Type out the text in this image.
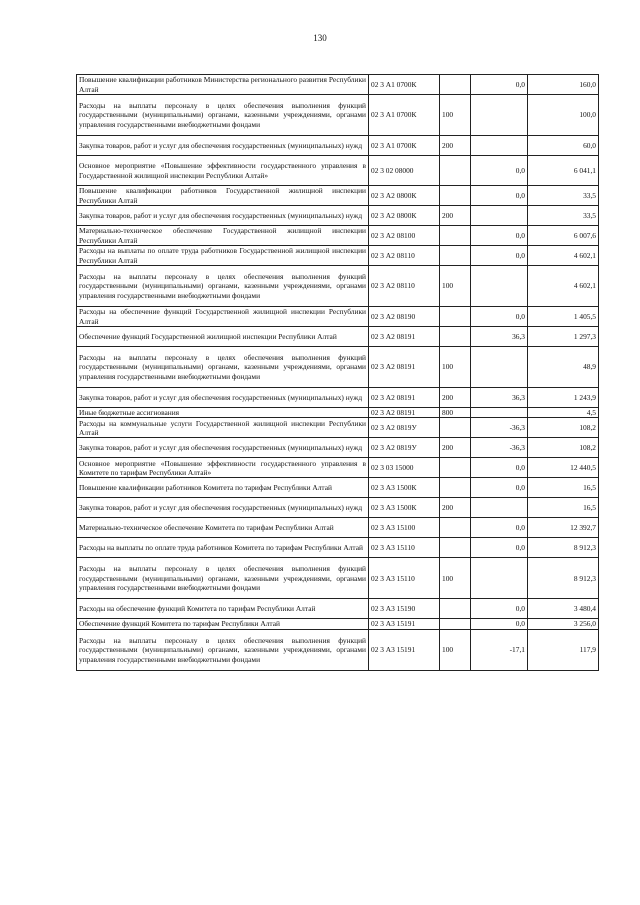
130
Повышение квалификации работников Министерства регионального развития Республики Алтай	02 3 А1 0700К		0,0	160,0
Расходы на выплаты персоналу в целях обеспечения выполнения функций государственными (муниципальными) органами, казенными учреждениями, органами управления государственными внебюджетными фондами	02 3 А1 0700К	100		100,0
Закупка товаров, работ и услуг для обеспечения государственных (муниципальных) нужд	02 3 А1 0700К	200		60,0
Основное мероприятие «Повышение эффективности государственного управления в Государственной жилищной инспекции Республики Алтай»	02 3 02 08000		0,0	6 041,1
Повышение квалификации работников Государственной жилищной инспекции Республики Алтай	02 3 А2 0800К		0,0	33,5
Закупка товаров, работ и услуг для обеспечения государственных (муниципальных) нужд	02 3 А2 0800К	200		33,5
Материально-техническое обеспечение Государственной жилищной инспекции Республики Алтай	02 3 А2 08100		0,0	6 007,6
Расходы на выплаты по оплате труда работников Государственной жилищной инспекции Республики Алтай	02 3 А2 08110		0,0	4 602,1
Расходы на выплаты персоналу в целях обеспечения выполнения функций государственными (муниципальными) органами, казенными учреждениями, органами управления государственными внебюджетными фондами	02 3 А2 08110	100		4 602,1
Расходы на обеспечение функций Государственной жилищной инспекции Республики Алтай	02 3 А2 08190		0,0	1 405,5
Обеспечение функций Государственной жилищной инспекции Республики Алтай	02 3 А2 08191		36,3	1 297,3
Расходы на выплаты персоналу в целях обеспечения выполнения функций государственными (муниципальными) органами, казенными учреждениями, органами управления государственными внебюджетными фондами	02 3 А2 08191	100		48,9
Закупка товаров, работ и услуг для обеспечения государственных (муниципальных) нужд	02 3 А2 08191	200	36,3	1 243,9
Иные бюджетные ассигнования	02 3 А2 08191	800		4,5
Расходы на коммунальные услуги Государственной жилищной инспекции Республики Алтай	02 3 А2 0819У		-36,3	108,2
Закупка товаров, работ и услуг для обеспечения государственных (муниципальных) нужд	02 3 А2 0819У	200	-36,3	108,2
Основное мероприятие «Повышение эффективности государственного управления в Комитете по тарифам Республики Алтай»	02 3 03 15000		0,0	12 440,5
Повышение квалификации работников Комитета по тарифам Республики Алтай	02 3 А3 1500К		0,0	16,5
Закупка товаров, работ и услуг для обеспечения государственных (муниципальных) нужд	02 3 А3 1500К	200		16,5
Материально-техническое обеспечение Комитета по тарифам Республики Алтай	02 3 А3 15100		0,0	12 392,7
Расходы на выплаты по оплате труда работников Комитета по тарифам Республики Алтай	02 3 А3 15110		0,0	8 912,3
Расходы на выплаты персоналу в целях обеспечения выполнения функций государственными (муниципальными) органами, казенными учреждениями, органами управления государственными внебюджетными фондами	02 3 А3 15110	100		8 912,3
Расходы на обеспечение функций Комитета по тарифам Республики Алтай	02 3 А3 15190		0,0	3 480,4
Обеспечение функций Комитета по тарифам Республики Алтай	02 3 А3 15191		0,0	3 256,0
Расходы на выплаты персоналу в целях обеспечения выполнения функций государственными (муниципальными) органами, казенными учреждениями, органами управления государственными внебюджетными фондами	02 3 А3 15191	100	-17,1	117,9
